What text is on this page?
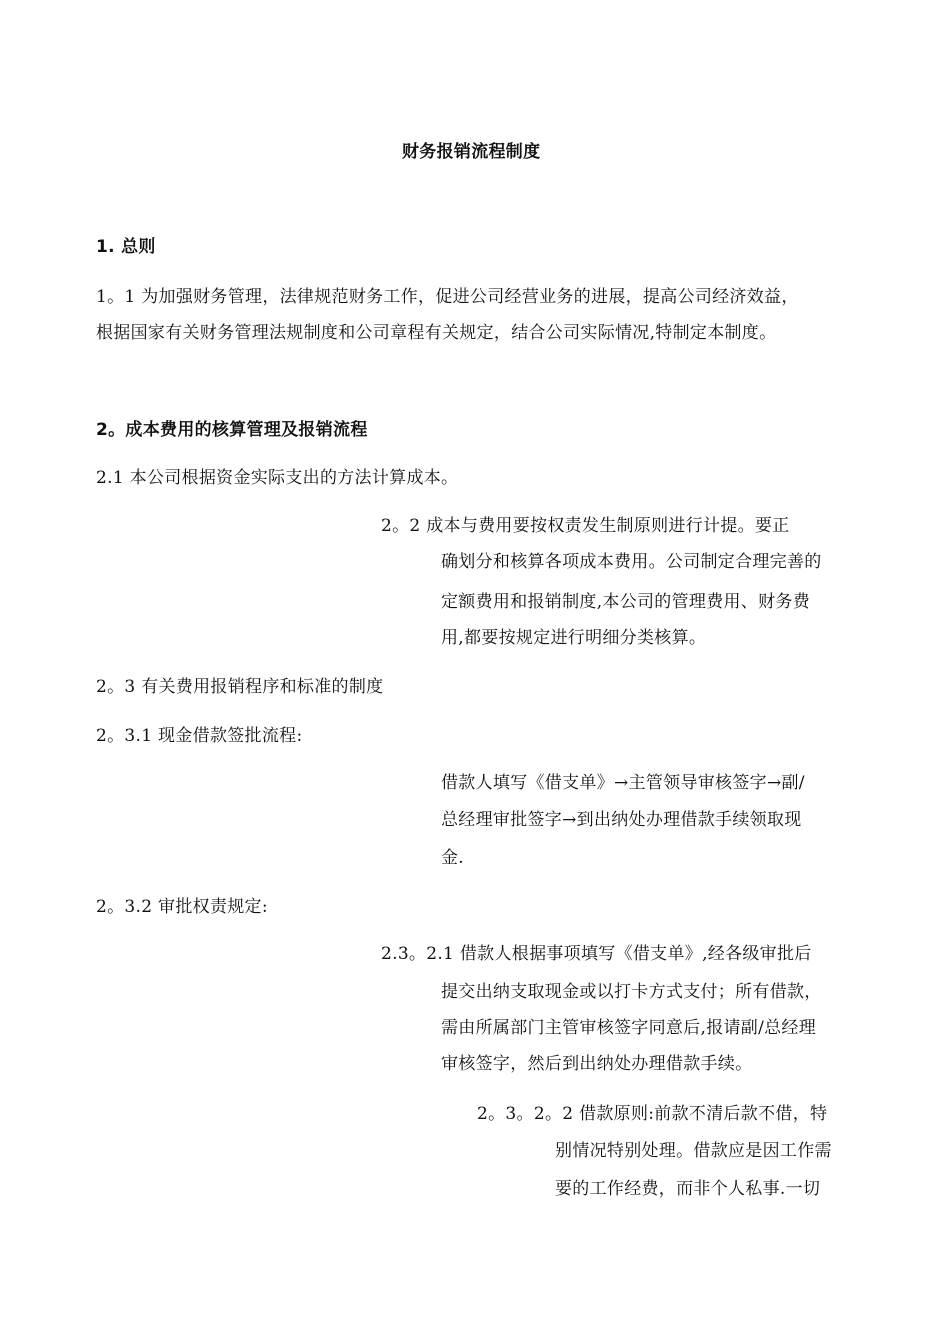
财务报销流程制度
1. 总则
1。1 为加强财务管理，法律规范财务工作，促进公司经营业务的进展，提高公司经济效益，
根据国家有关财务管理法规制度和公司章程有关规定，结合公司实际情况,特制定本制度。
2。成本费用的核算管理及报销流程
2.1 本公司根据资金实际支出的方法计算成本。
2。2 成本与费用要按权责发生制原则进行计提。要正
确划分和核算各项成本费用。公司制定合理完善的
定额费用和报销制度,本公司的管理费用、财务费
用,都要按规定进行明细分类核算。
2。3 有关费用报销程序和标准的制度
2。3.1 现金借款签批流程:
借款人填写《借支单》→主管领导审核签字→副/
总经理审批签字→到出纳处办理借款手续领取现
金.
2。3.2 审批权责规定:
2.3。2.1 借款人根据事项填写《借支单》,经各级审批后
提交出纳支取现金或以打卡方式支付；所有借款，
需由所属部门主管审核签字同意后,报请副/总经理
审核签字，然后到出纳处办理借款手续。
2。3。2。2 借款原则:前款不清后款不借，特
别情况特别处理。借款应是因工作需
要的工作经费，而非个人私事.一切
